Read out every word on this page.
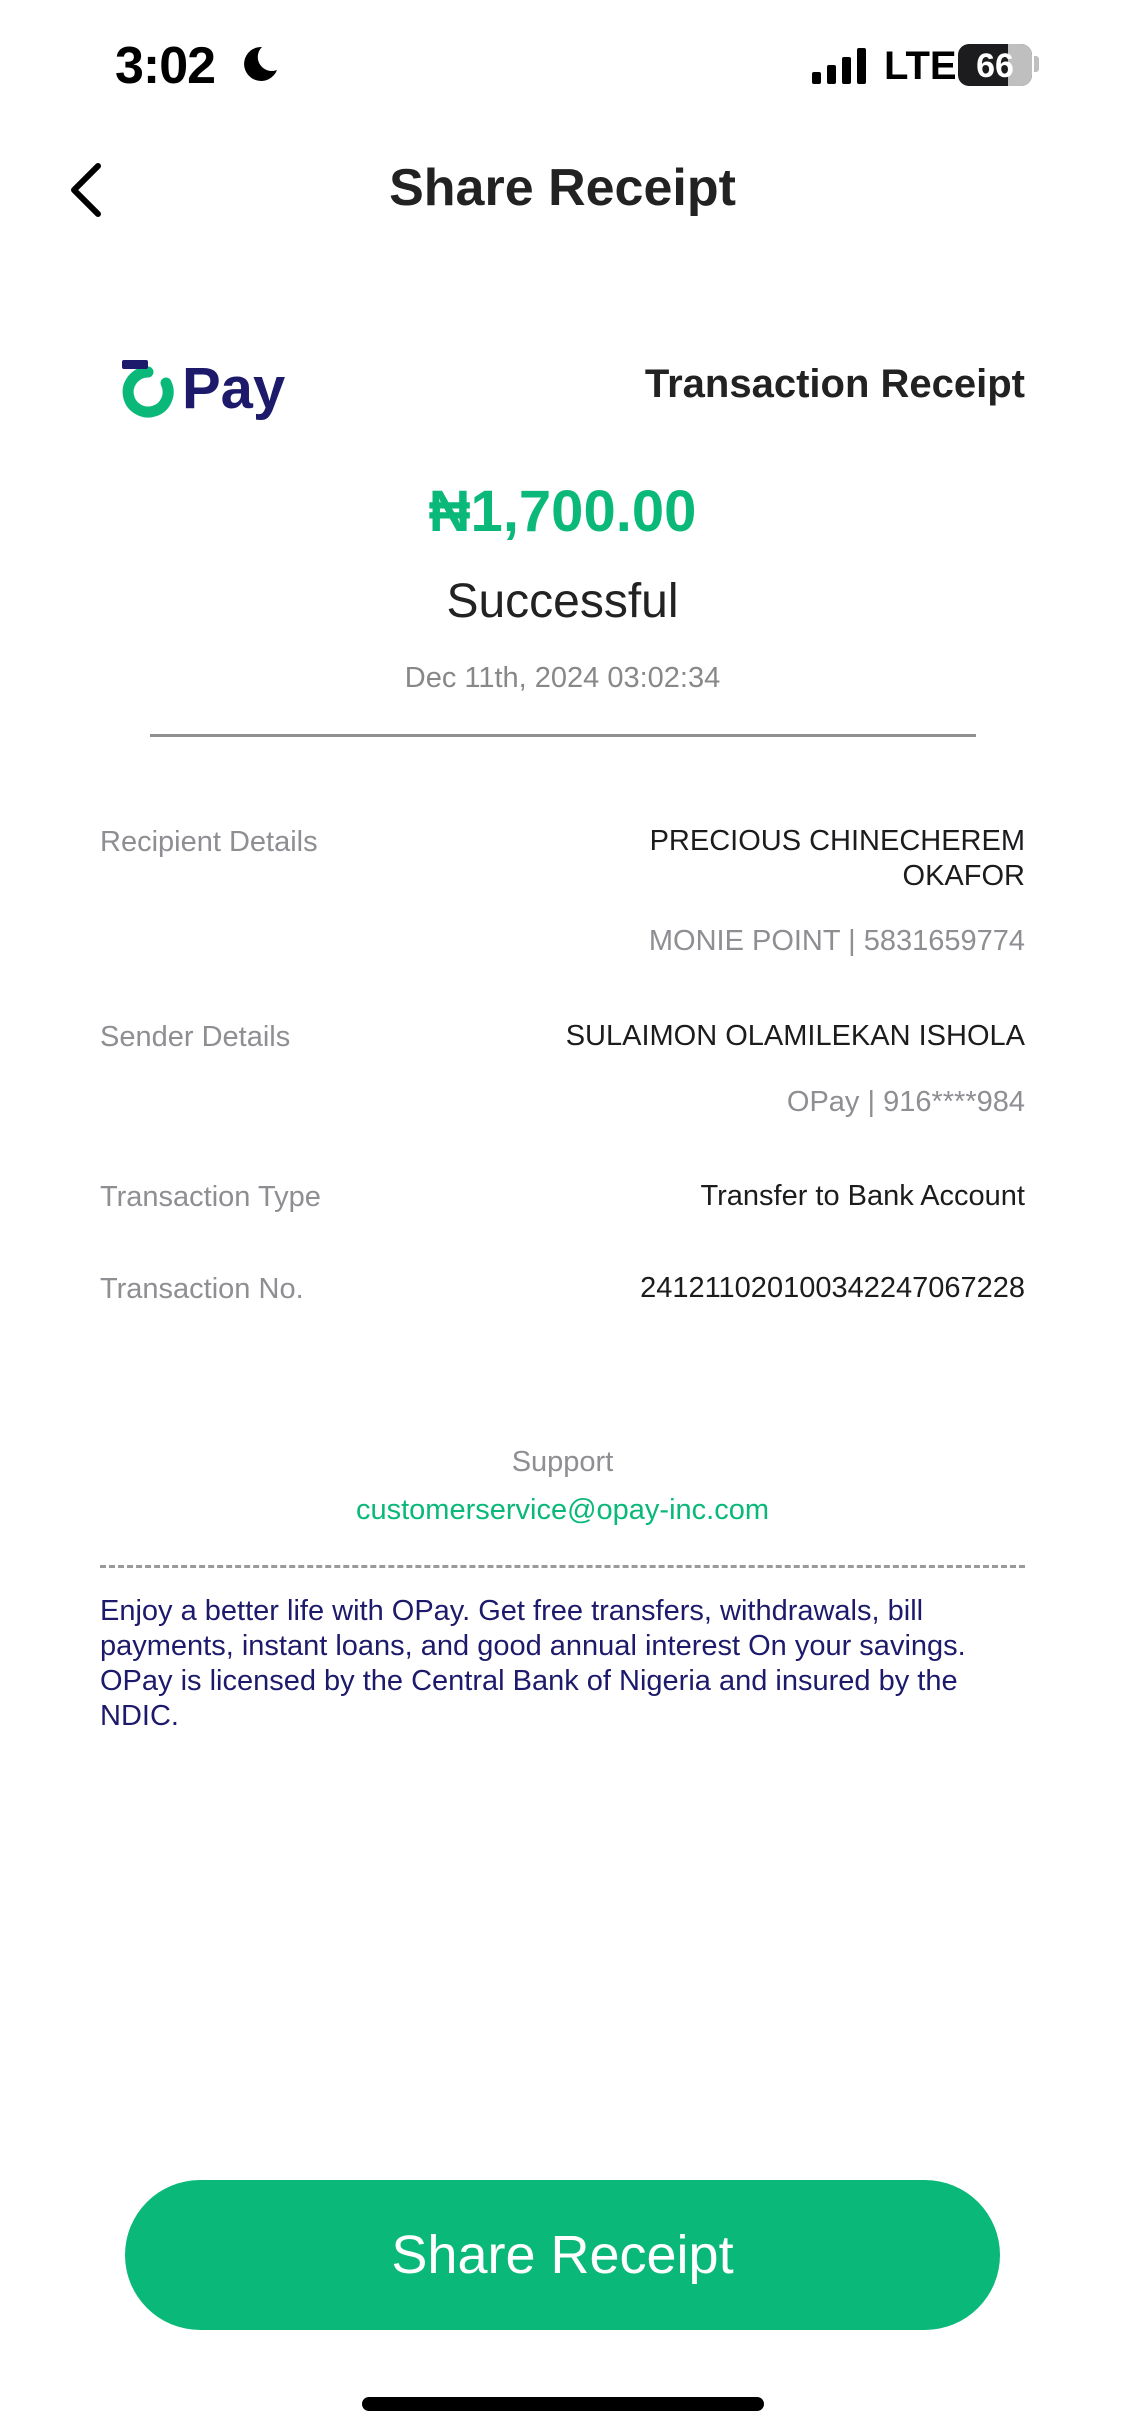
3:02	LTE 66
Share Receipt
Pay	Transaction Receipt
₦1,700.00
Successful
Dec 11th, 2024 03:02:34
Recipient Details	PRECIOUS CHINECHEREM
OKAFOR
MONIE POINT | 5831659774
Sender Details	SULAIMON OLAMILEKAN ISHOLA
OPay | 916****984
Transaction Type	Transfer to Bank Account
Transaction No.	241211020100342247067228
Support
customerservice@opay-inc.com
Enjoy a better life with OPay. Get free transfers, withdrawals, bill payments, instant loans, and good annual interest On your savings. OPay is licensed by the Central Bank of Nigeria and insured by the NDIC.
Share Receipt
